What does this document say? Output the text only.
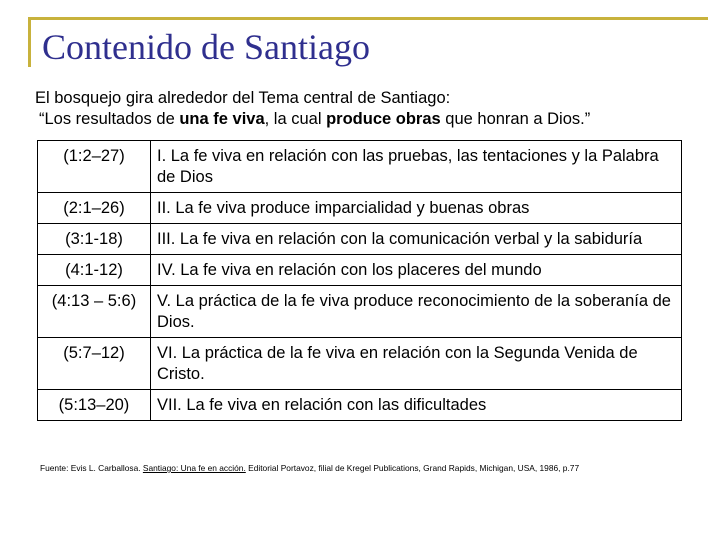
Contenido de Santiago
El bosquejo gira alrededor del Tema central de Santiago:
“Los resultados de una fe viva, la cual produce obras que honran a Dios.”
(1:2–27)	I. La fe viva en relación con las pruebas, las tentaciones y la Palabra de Dios
(2:1–26)	II. La fe viva produce imparcialidad y buenas obras
(3:1-18)	III. La fe viva en relación con la comunicación verbal y la sabiduría
(4:1-12)	IV. La fe viva en relación con los placeres del mundo
(4:13 – 5:6)	V. La práctica de la fe viva produce reconocimiento de la soberanía de Dios.
(5:7–12)	VI. La práctica de la fe viva en relación con la Segunda Venida de Cristo.
(5:13–20)	VII. La fe viva en relación con las dificultades
Fuente: Evis L. Carballosa. Santiago: Una fe en acción. Editorial Portavoz, filial de Kregel Publications, Grand Rapids, Michigan, USA, 1986, p.77
